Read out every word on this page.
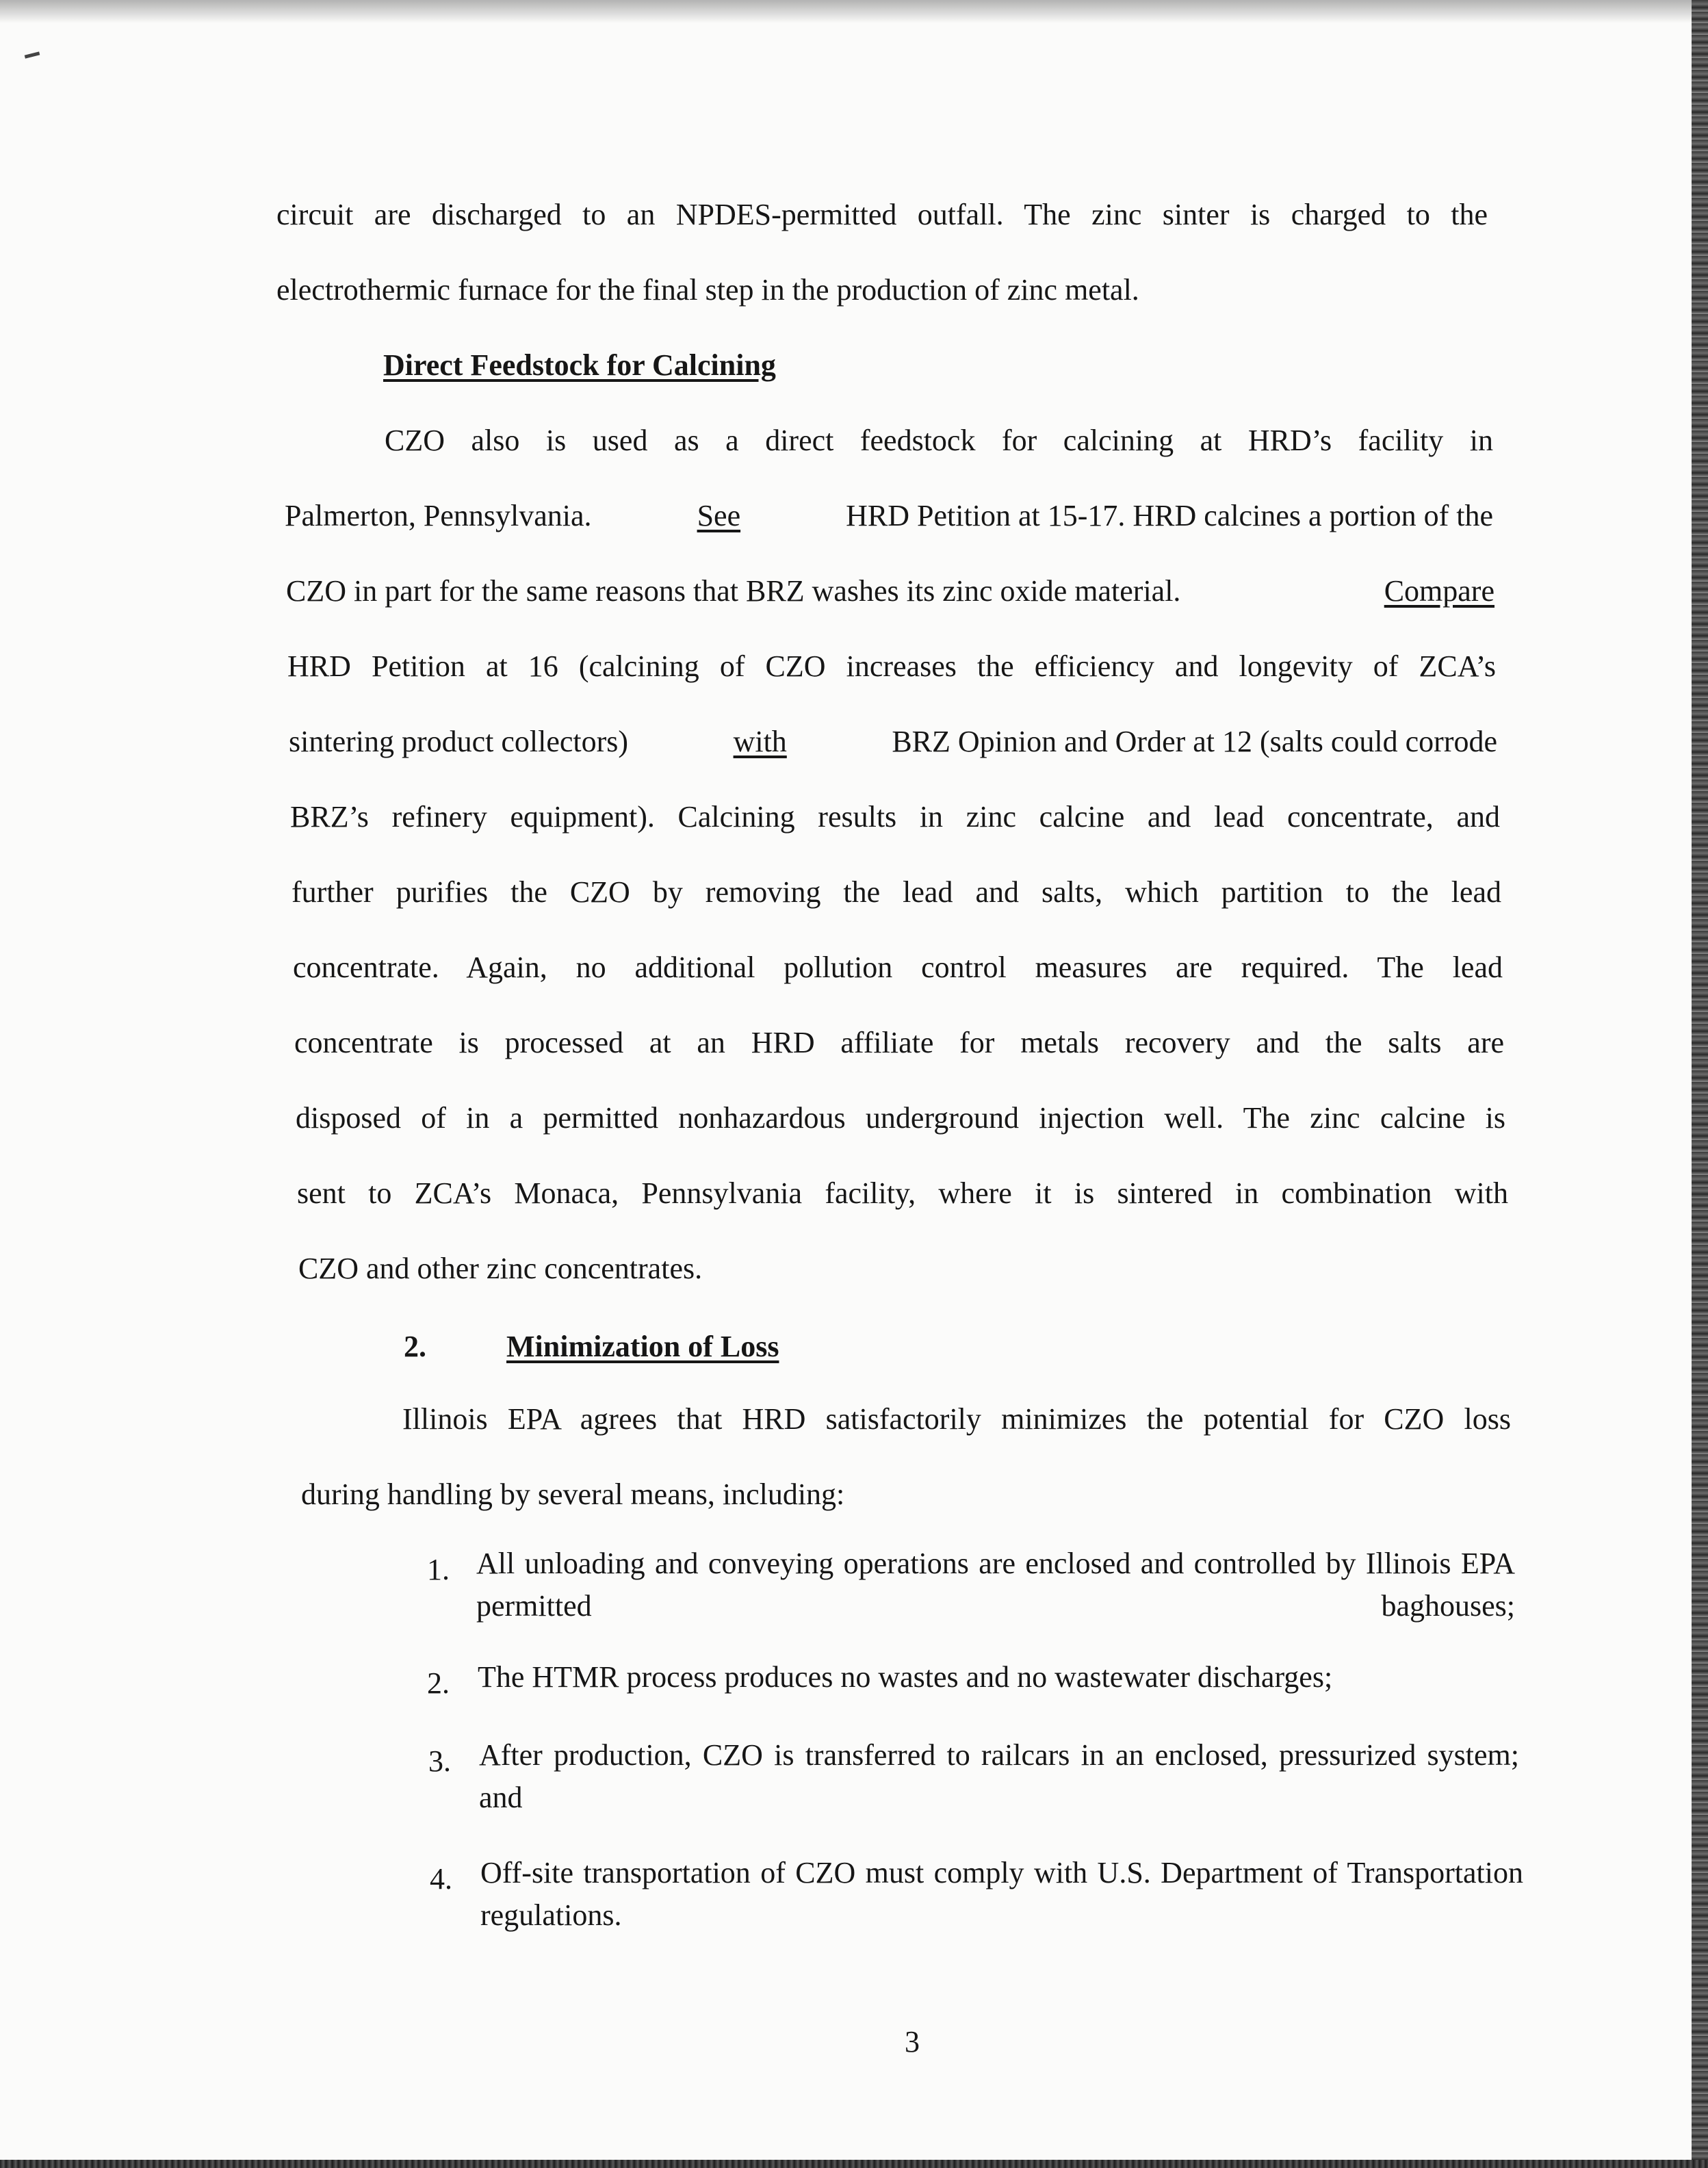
circuit are discharged to an NPDES-permitted outfall. The zinc sinter is charged to the
electrothermic furnace for the final step in the production of zinc metal.
Direct Feedstock for Calcining
CZO also is used as a direct feedstock for calcining at HRD’s facility in
Palmerton, Pennsylvania.	See	HRD Petition at 15-17. HRD calcines a portion of the
CZO in part for the same reasons that BRZ washes its zinc oxide material.	Compare
HRD Petition at 16 (calcining of CZO increases the efficiency and longevity of ZCA’s
sintering product collectors)	with	BRZ Opinion and Order at 12 (salts could corrode
BRZ’s refinery equipment). Calcining results in zinc calcine and lead concentrate, and
further purifies the CZO by removing the lead and salts, which partition to the lead
concentrate. Again, no additional pollution control measures are required. The lead
concentrate is processed at an HRD affiliate for metals recovery and the salts are
disposed of in a permitted nonhazardous underground injection well. The zinc calcine is
sent to ZCA’s Monaca, Pennsylvania facility, where it is sintered in combination with
CZO and other zinc concentrates.
2.	Minimization of Loss
Illinois EPA agrees that HRD satisfactorily minimizes the potential for CZO loss
during handling by several means, including:
1. All unloading and conveying operations are enclosed and controlled by Illinois EPA permitted baghouses;
2. The HTMR process produces no wastes and no wastewater discharges;
3. After production, CZO is transferred to railcars in an enclosed, pressurized system; and
4. Off-site transportation of CZO must comply with U.S. Department of Transportation regulations.
3
